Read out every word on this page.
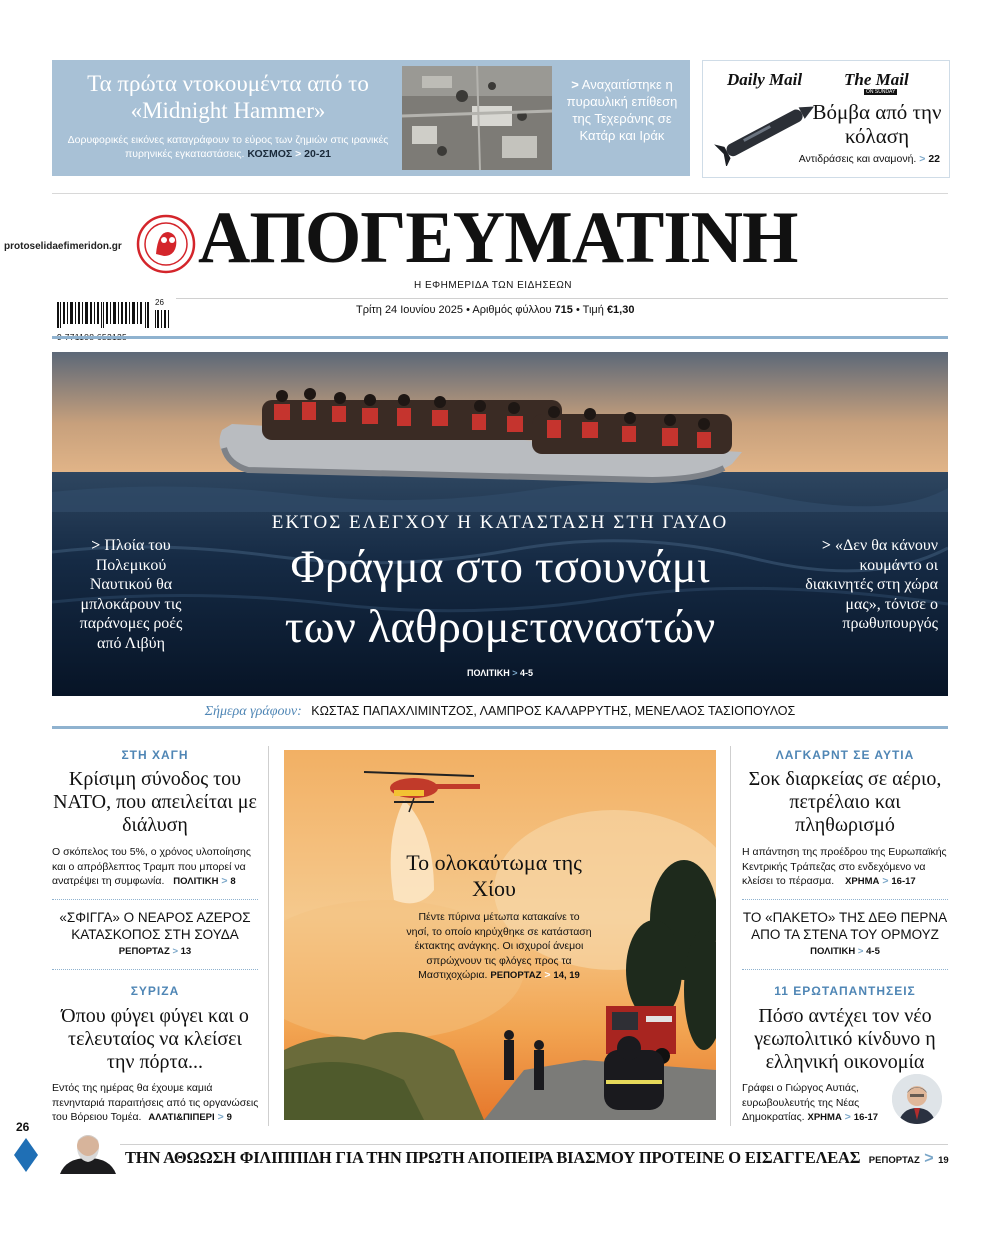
Τα πρώτα ντοκουμέντα από το «Midnight Hammer»
Δορυφορικές εικόνες καταγράφουν το εύρος των ζημιών στις ιρανικές πυρηνικές εγκαταστάσεις. ΚΟΣΜΟΣ > 20-21
> Αναχαιτίστηκε η πυραυλική επίθεση της Τεχεράνης σε Κατάρ και Ιράκ
Daily Mail The Mail
ON SUNDAY
Βόμβα από την κόλαση
Αντιδράσεις και αναμονή. > 22
protoselidaefimeridon.gr ΑΠΟΓΕΥΜΑΤΙΝΗ
Η ΕΦΗΜΕΡΙΔΑ ΤΩΝ ΕΙΔΗΣΕΩΝ
9 771108 652125
26
Τρίτη 24 Ιουνίου 2025 • Αριθμός φύλλου 715 • Τιμή €1,30
ΕΚΤΟΣ ΕΛΕΓΧΟΥ Η ΚΑΤΑΣΤΑΣΗ ΣΤΗ ΓΑΥΔΟ
Φράγμα στο τσουνάμι
των λαθρομεταναστών
ΠΟΛΙΤΙΚΗ > 4-5
> Πλοία του Πολεμικού Ναυτικού θα μπλοκάρουν τις παράνομες ροές από Λιβύη
> «Δεν θα κάνουν κουμάντο οι διακινητές στη χώρα μας», τόνισε ο πρωθυπουργός
Σήμερα γράφουν: ΚΩΣΤΑΣ ΠΑΠΑΧΛΙΜΙΝΤΖΟΣ, ΛΑΜΠΡΟΣ ΚΑΛΑΡΡΥΤΗΣ, ΜΕΝΕΛΑΟΣ ΤΑΣΙΟΠΟΥΛΟΣ
ΣΤΗ ΧΑΓΗ
Κρίσιμη σύνοδος του ΝΑΤΟ, που απειλείται με διάλυση
Ο σκόπελος του 5%, ο χρόνος υλοποίησης και ο απρόβλεπτος Τραμπ που μπορεί να ανατρέψει τη συμφωνία. ΠΟΛΙΤΙΚΗ > 8
«ΣΦΙΓΓΑ» Ο ΝΕΑΡΟΣ ΑΖΕΡΟΣ ΚΑΤΑΣΚΟΠΟΣ ΣΤΗ ΣΟΥΔΑ
ΡΕΠΟΡΤΑΖ > 13
ΣΥΡΙΖΑ
Όπου φύγει φύγει και ο τελευταίος να κλείσει την πόρτα...
Εντός της ημέρας θα έχουμε καμιά πενηνταριά παραιτήσεις από τις οργανώσεις του Βόρειου Τομέα. ΑΛΑΤΙ&ΠΙΠΕΡΙ > 9
Το ολοκαύτωμα της Χίου
Πέντε πύρινα μέτωπα κατακαίνε το νησί, το οποίο κηρύχθηκε σε κατάσταση έκτακτης ανάγκης. Οι ισχυροί άνεμοι σπρώχνουν τις φλόγες προς τα Μαστιχοχώρια. ΡΕΠΟΡΤΑΖ > 14, 19
ΛΑΓΚΑΡΝΤ ΣΕ ΑΥΤΙΑ
Σοκ διαρκείας σε αέριο, πετρέλαιο και πληθωρισμό
Η απάντηση της προέδρου της Ευρωπαϊκής Κεντρικής Τράπεζας στο ενδεχόμενο να κλείσει το πέρασμα. ΧΡΗΜΑ > 16-17
ΤΟ «ΠΑΚΕΤΟ» ΤΗΣ ΔΕΘ ΠΕΡΝΑ ΑΠΟ ΤΑ ΣΤΕΝΑ ΤΟΥ ΟΡΜΟΥΖ
ΠΟΛΙΤΙΚΗ > 4-5
11 ΕΡΩΤΑΠΑΝΤΗΣΕΙΣ
Πόσο αντέχει τον νέο γεωπολιτικό κίνδυνο η ελληνική οικονομία
Γράφει ο Γιώργος Αυτιάς, ευρωβουλευτής της Νέας Δημοκρατίας. ΧΡΗΜΑ > 16-17
26
ΤΗΝ ΑΘΩΩΣΗ ΦΙΛΙΠΠΙΔΗ ΓΙΑ ΤΗΝ ΠΡΩΤΗ ΑΠΟΠΕΙΡΑ ΒΙΑΣΜΟΥ ΠΡΟΤΕΙΝΕ Ο ΕΙΣΑΓΓΕΛΕΑΣ ΡΕΠΟΡΤΑΖ > 19
